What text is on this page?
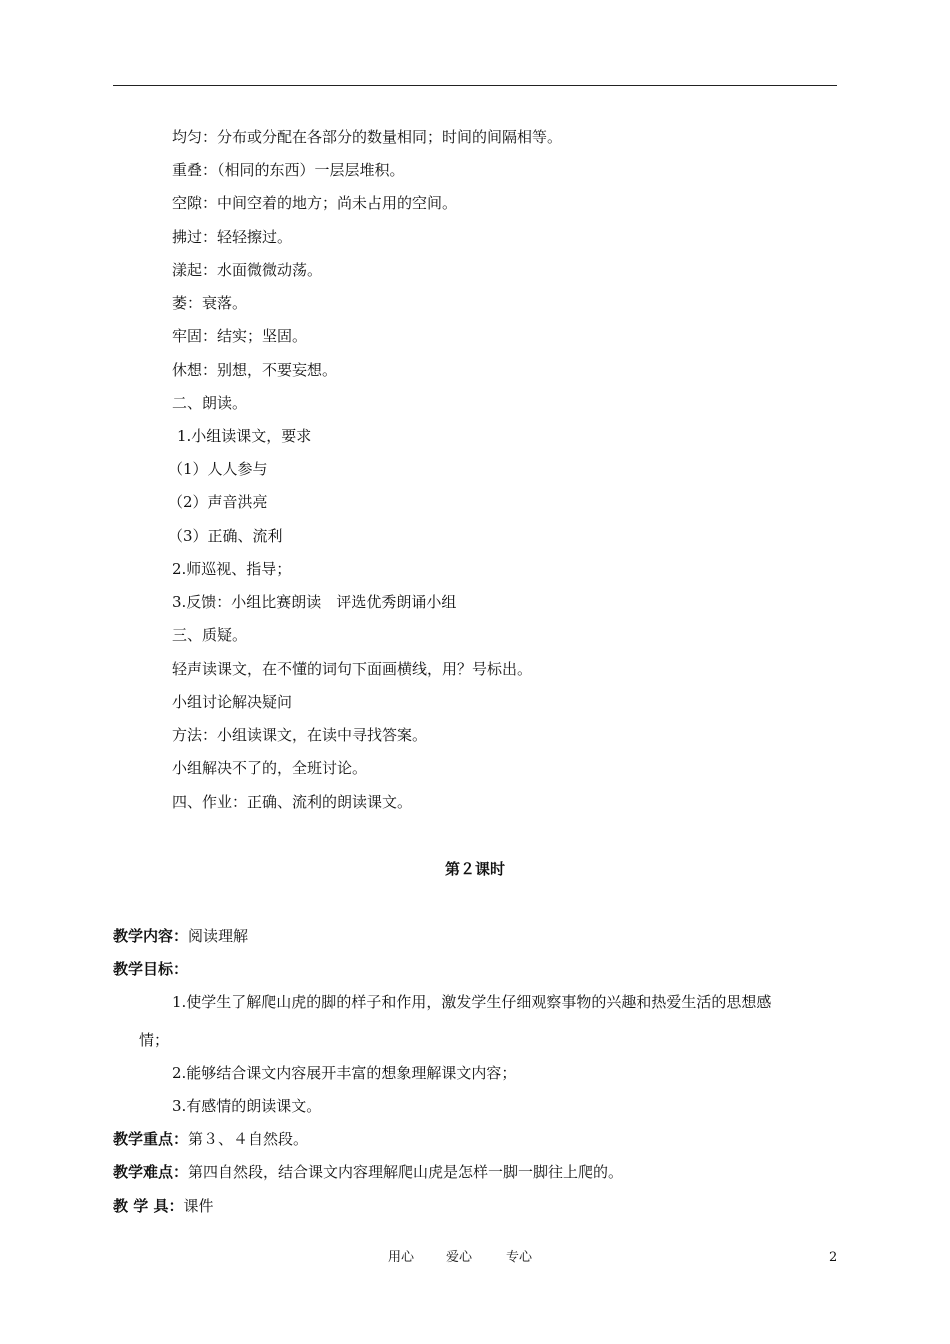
均匀：分布或分配在各部分的数量相同；时间的间隔相等。
重叠：（相同的东西）一层层堆积。
空隙：中间空着的地方；尚未占用的空间。
拂过：轻轻擦过。
漾起：水面微微动荡。
萎：衰落。
牢固：结实；坚固。
休想：别想，不要妄想。
二、朗读。
1.小组读课文，要求
（1）人人参与
（2）声音洪亮
（3）正确、流利
2.师巡视、指导；
3.反馈：小组比赛朗读　评选优秀朗诵小组
三、质疑。
轻声读课文，在不懂的词句下面画横线，用？号标出。
小组讨论解决疑问
方法：小组读课文，在读中寻找答案。
小组解决不了的，全班讨论。
四、作业：正确、流利的朗读课文。
第２课时
教学内容：阅读理解
教学目标：
1.使学生了解爬山虎的脚的样子和作用，激发学生仔细观察事物的兴趣和热爱生活的思想感
情；
2.能够结合课文内容展开丰富的想象理解课文内容；
3.有感情的朗读课文。
教学重点：第３、４自然段。
教学难点：第四自然段，结合课文内容理解爬山虎是怎样一脚一脚往上爬的。
教 学 具：课件
用心 爱心	专心	2
